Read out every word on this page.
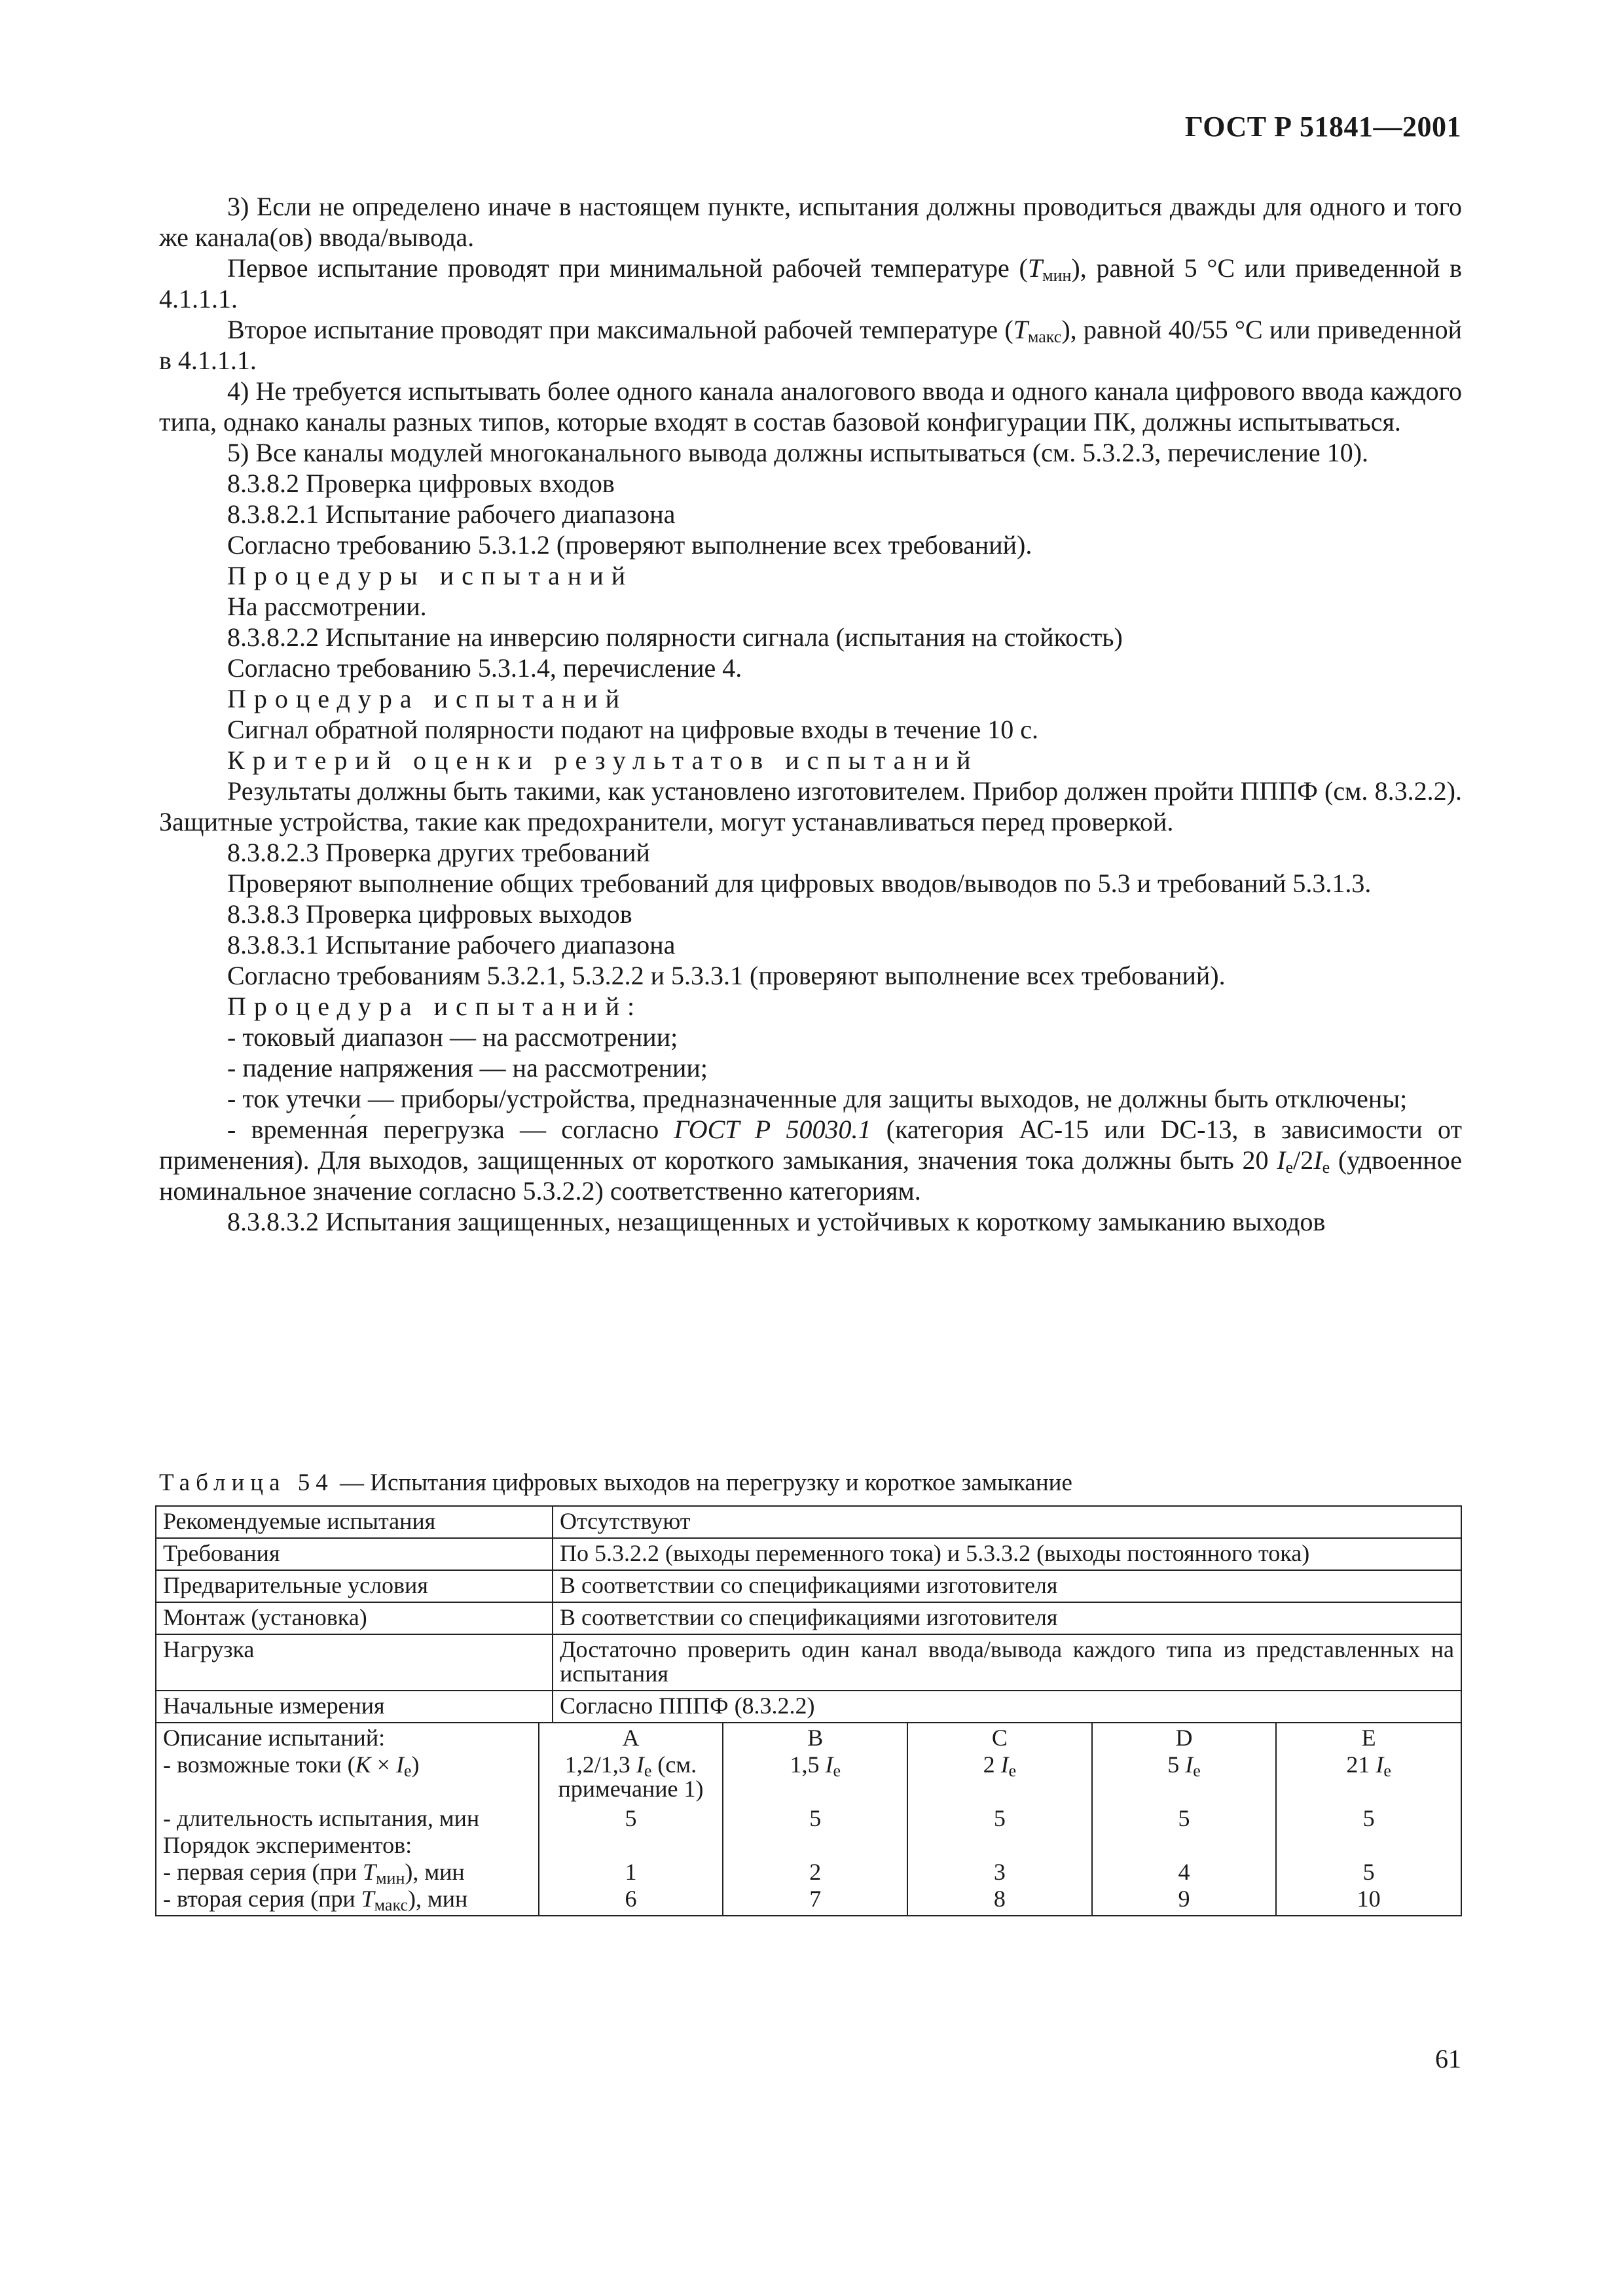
ГОСТ Р 51841—2001

3) Если не определено иначе в настоящем пункте, испытания должны проводиться дважды для одного и того же канала(ов) ввода/вывода.

Первое испытание проводят при минимальной рабочей температуре $(T_{мин})$, равной 5 °С или приведенной в 4.1.1.1.

Второе испытание проводят при максимальной рабочей температуре $(T_{макс})$, равной 40/55 °С или приведенной в 4.1.1.1.

4) Не требуется испытывать более одного канала аналогового ввода и одного канала цифрового ввода каждого типа, однако каналы разных типов, которые входят в состав базовой конфигурации ПК, должны испытываться.

5) Все каналы модулей многоканального вывода должны испытываться (см. 5.3.2.3, перечисление 10).

8.3.8.2 Проверка цифровых входов

8.3.8.2.1 Испытание рабочего диапазона

Согласно требованию 5.3.1.2 (проверяют выполнение всех требований).

Процедуры испытаний

На рассмотрении.

8.3.8.2.2 Испытание на инверсию полярности сигнала (испытания на стойкость)

Согласно требованию 5.3.1.4, перечисление 4.

Процедура испытаний

Сигнал обратной полярности подают на цифровые входы в течение 10 с.

Критерий оценки результатов испытаний

Результаты должны быть такими, как установлено изготовителем. Прибор должен пройти ПППФ (см. 8.3.2.2). Защитные устройства, такие как предохранители, могут устанавливаться перед проверкой.

8.3.8.2.3 Проверка других требований

Проверяют выполнение общих требований для цифровых вводов/выводов по 5.3 и требований 5.3.1.3.

8.3.8.3 Проверка цифровых выходов

8.3.8.3.1 Испытание рабочего диапазона

Согласно требованиям 5.3.2.1, 5.3.2.2 и 5.3.3.1 (проверяют выполнение всех требований).

Процедура испытаний:

- токовый диапазон — на рассмотрении;

- падение напряжения — на рассмотрении;

- ток утечки — приборы/устройства, предназначенные для защиты выходов, не должны быть отключены;

- временна́я перегрузка — согласно ГОСТ Р 50030.1 (категория АС-15 или DC-13, в зависимости от применения). Для выходов, защищенных от короткого замыкания, значения тока должны быть 20 $I_e/2I_e$ (удвоенное номинальное значение согласно 5.3.2.2) соответственно категориям.

8.3.8.3.2 Испытания защищенных, незащищенных и устойчивых к короткому замыканию выходов

Таблица 54 — Испытания цифровых выходов на перегрузку и короткое замыкание
Рекомендуемые испытания	Отсутствуют
Требования	По 5.3.2.2 (выходы переменного тока) и 5.3.3.2 (выходы постоянного тока)
Предварительные условия	В соответствии со спецификациями изготовителя
Монтаж (установка)	В соответствии со спецификациями изготовителя
Нагрузка	Достаточно проверить один канал ввода/вывода каждого типа из представленных на испытания
Начальные измерения	Согласно ПППФ (8.3.2.2)

Описание испытаний:	A	B	C	D	E
- возможные токи $(K \times I_e)$	1,2/1,3 $I_e$ (см. примечание 1)	1,5 $I_e$	2 $I_e$	5 $I_e$	21 $I_e$
- длительность испытания, мин	5	5	5	5	5
Порядок экспериментов:					
- первая серия (при $T_{мин}$), мин	1	2	3	4	5
- вторая серия (при $T_{макс}$), мин	6	7	8	9	10
61
